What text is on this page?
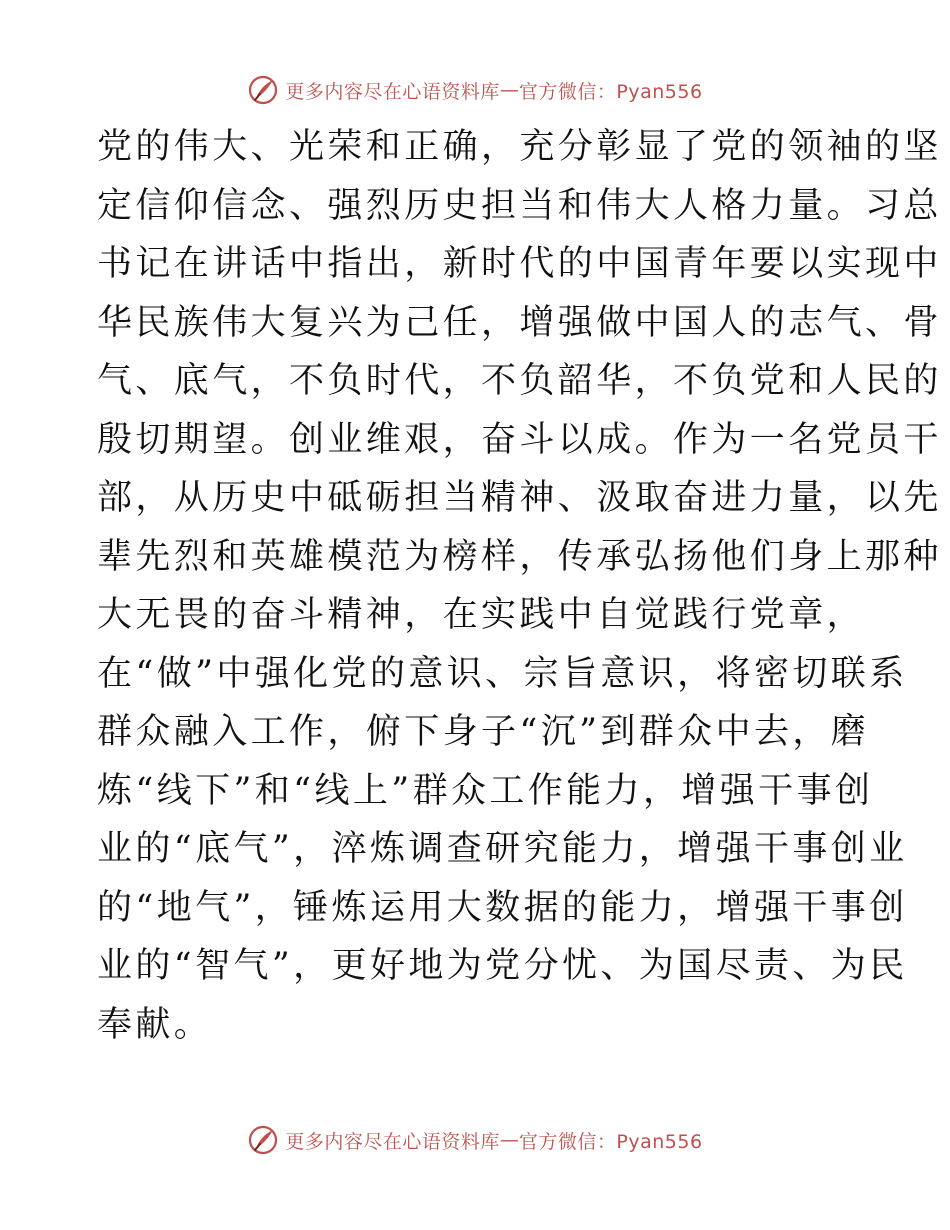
更多内容尽在心语资料库 — 官方微信：Pyan556
党的伟大、光荣和正确，充分彰显了党的领袖的坚
定信仰信念、强烈历史担当和伟大人格力量。习总
书记在讲话中指出，新时代的中国青年要以实现中
华民族伟大复兴为己任，增强做中国人的志气、骨
气、底气，不负时代，不负韶华，不负党和人民的
殷切期望。创业维艰，奋斗以成。作为一名党员干
部，从历史中砥砺担当精神、汲取奋进力量，以先
辈先烈和英雄模范为榜样，传承弘扬他们身上那种
大无畏的奋斗精神，在实践中自觉践行党章，
在“做”中强化党的意识、宗旨意识，将密切联系
群众融入工作，俯下身子“沉”到群众中去，磨
炼“线下”和“线上”群众工作能力，增强干事创
业的“底气”，淬炼调查研究能力，增强干事创业
的“地气”，锤炼运用大数据的能力，增强干事创
业的“智气”，更好地为党分忧、为国尽责、为民
奉献。
更多内容尽在心语资料库 — 官方微信：Pyan556
